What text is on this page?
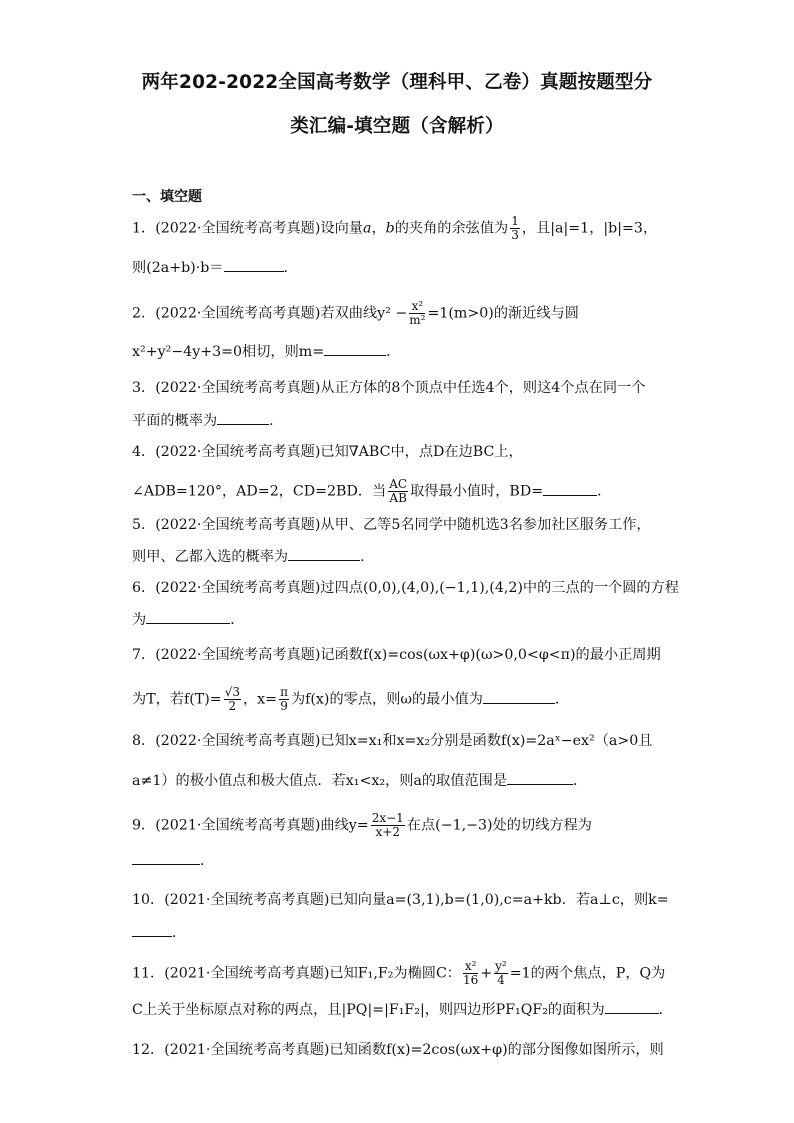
两年202-2022全国高考数学（理科甲、乙卷）真题按题型分
类汇编-填空题（含解析）
一、填空题
1．(2022·全国统考高考真题)设向量a，b的夹角的余弦值为 $\frac{1}{3}$ ，且|a|=1，|b|=3，
则(2a+b)·b＝	．
2．(2022·全国统考高考真题)若双曲线$y^2 - \frac{\text{x²}}{\text{m²}} =1(m>0)$的渐近线与圆
x²+y²−4y+3=0相切，则m=	．
3．(2022·全国统考高考真题)从正方体的8个顶点中任选4个，则这4个点在同一个
平面的概率为	．
4．(2022·全国统考高考真题)已知∇ABC中，点D在边BC上，
∠ADB=120°，AD=2，CD=2BD．当 $\frac{AC}{AB}$ 取得最小值时，BD=	．
5．(2022·全国统考高考真题)从甲、乙等5名同学中随机选3名参加社区服务工作，
则甲、乙都入选的概率为	．
6．(2022·全国统考高考真题)过四点(0,0),(4,0),(−1,1),(4,2)中的三点的一个圆的方程
为	．
7．(2022·全国统考高考真题)记函数f(x)=cos(ωx+φ)(ω>0,0<φ<π)的最小正周期
为T，若$f(T)= \frac{√3}{2}$ ，$x= \frac{\pi}{9}$ 为f(x)的零点，则ω的最小值为	．
8．(2022·全国统考高考真题)已知x=x₁和x=x₂分别是函数f(x)=2aˣ−ex²（a>0且
a≠1）的极小值点和极大值点．若x₁<x₂，则a的取值范围是	．
9．(2021·全国统考高考真题)曲线$y= \frac{2x-1}{x+2}$ 在点(−1,−3)处的切线方程为
．
10．(2021·全国统考高考真题)已知向量a=(3,1),b=(1,0),c=a+kb．若a⊥c，则k=
．
11．(2021·全国统考高考真题)已知F₁,F₂为椭圆C： $\frac{\text{x²}}{16} + \frac{\text{y²}}{4} =1$的两个焦点，P，Q为
C上关于坐标原点对称的两点，且|PQ|=|F₁F₂|，则四边形PF₁QF₂的面积为	．
12．(2021·全国统考高考真题)已知函数f(x)=2cos(ωx+φ)的部分图像如图所示，则
